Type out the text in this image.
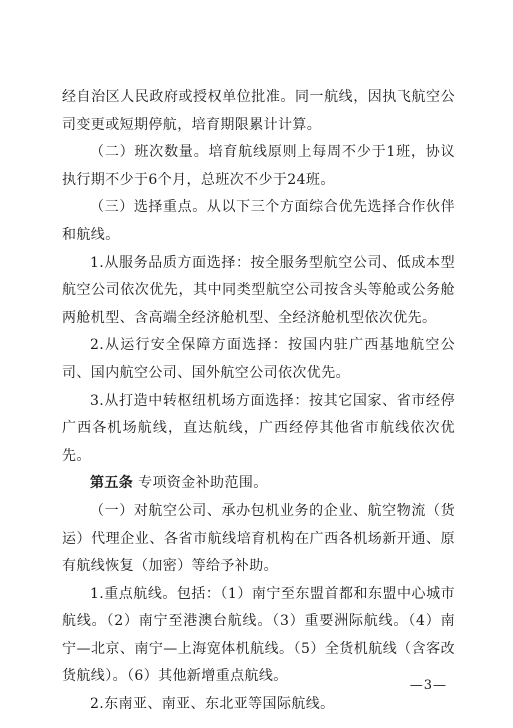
经自治区人民政府或授权单位批准。同一航线，因执飞航空公司变更或短期停航，培育期限累计计算。

（二）班次数量。培育航线原则上每周不少于1班，协议执行期不少于6个月，总班次不少于24班。

（三）选择重点。从以下三个方面综合优先选择合作伙伴和航线。

1.从服务品质方面选择：按全服务型航空公司、低成本型航空公司依次优先，其中同类型航空公司按含头等舱或公务舱两舱机型、含高端全经济舱机型、全经济舱机型依次优先。

2.从运行安全保障方面选择：按国内驻广西基地航空公司、国内航空公司、国外航空公司依次优先。

3.从打造中转枢纽机场方面选择：按其它国家、省市经停广西各机场航线，直达航线，广西经停其他省市航线依次优先。

第五条 专项资金补助范围。

（一）对航空公司、承办包机业务的企业、航空物流（货运）代理企业、各省市航线培育机构在广西各机场新开通、原有航线恢复（加密）等给予补助。

1.重点航线。包括：（1）南宁至东盟首都和东盟中心城市航线。（2）南宁至港澳台航线。（3）重要洲际航线。（4）南宁—北京、南宁—上海宽体机航线。（5）全货机航线（含客改货航线）。（6）其他新增重点航线。

2.东南亚、南亚、东北亚等国际航线。

—3—
